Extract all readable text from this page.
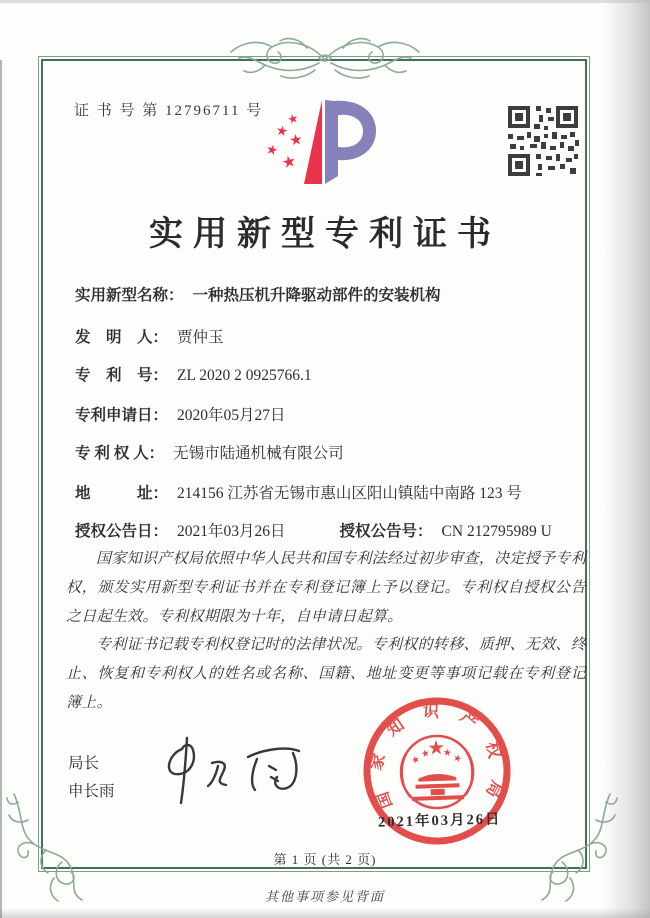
证 书 号 第 12796711 号
实用新型专利证书
实用新型名称： 一种热压机升降驱动部件的安装机构
发　明　人： 贾仲玉
专　利　号： ZL 2020 2 0925766.1
专利申请日： 2020年05月27日
专 利 权 人： 无锡市陆通机械有限公司
地　　　址： 214156 江苏省无锡市惠山区阳山镇陆中南路 123 号
授权公告日： 2021年03月26日	授权公告号： CN 212795989 U

国家知识产权局依照中华人民共和国专利法经过初步审查，决定授予专利权，颁发实用新型专利证书并在专利登记簿上予以登记。专利权自授权公告之日起生效。专利权期限为十年，自申请日起算。

专利证书记载专利权登记时的法律状况。专利权的转移、质押、无效、终止、恢复和专利权人的姓名或名称、国籍、地址变更等事项记载在专利登记簿上。

局长
申长雨	国家知识产权局
2021年03月26日
第 1 页 (共 2 页)
其他事项参见背面
